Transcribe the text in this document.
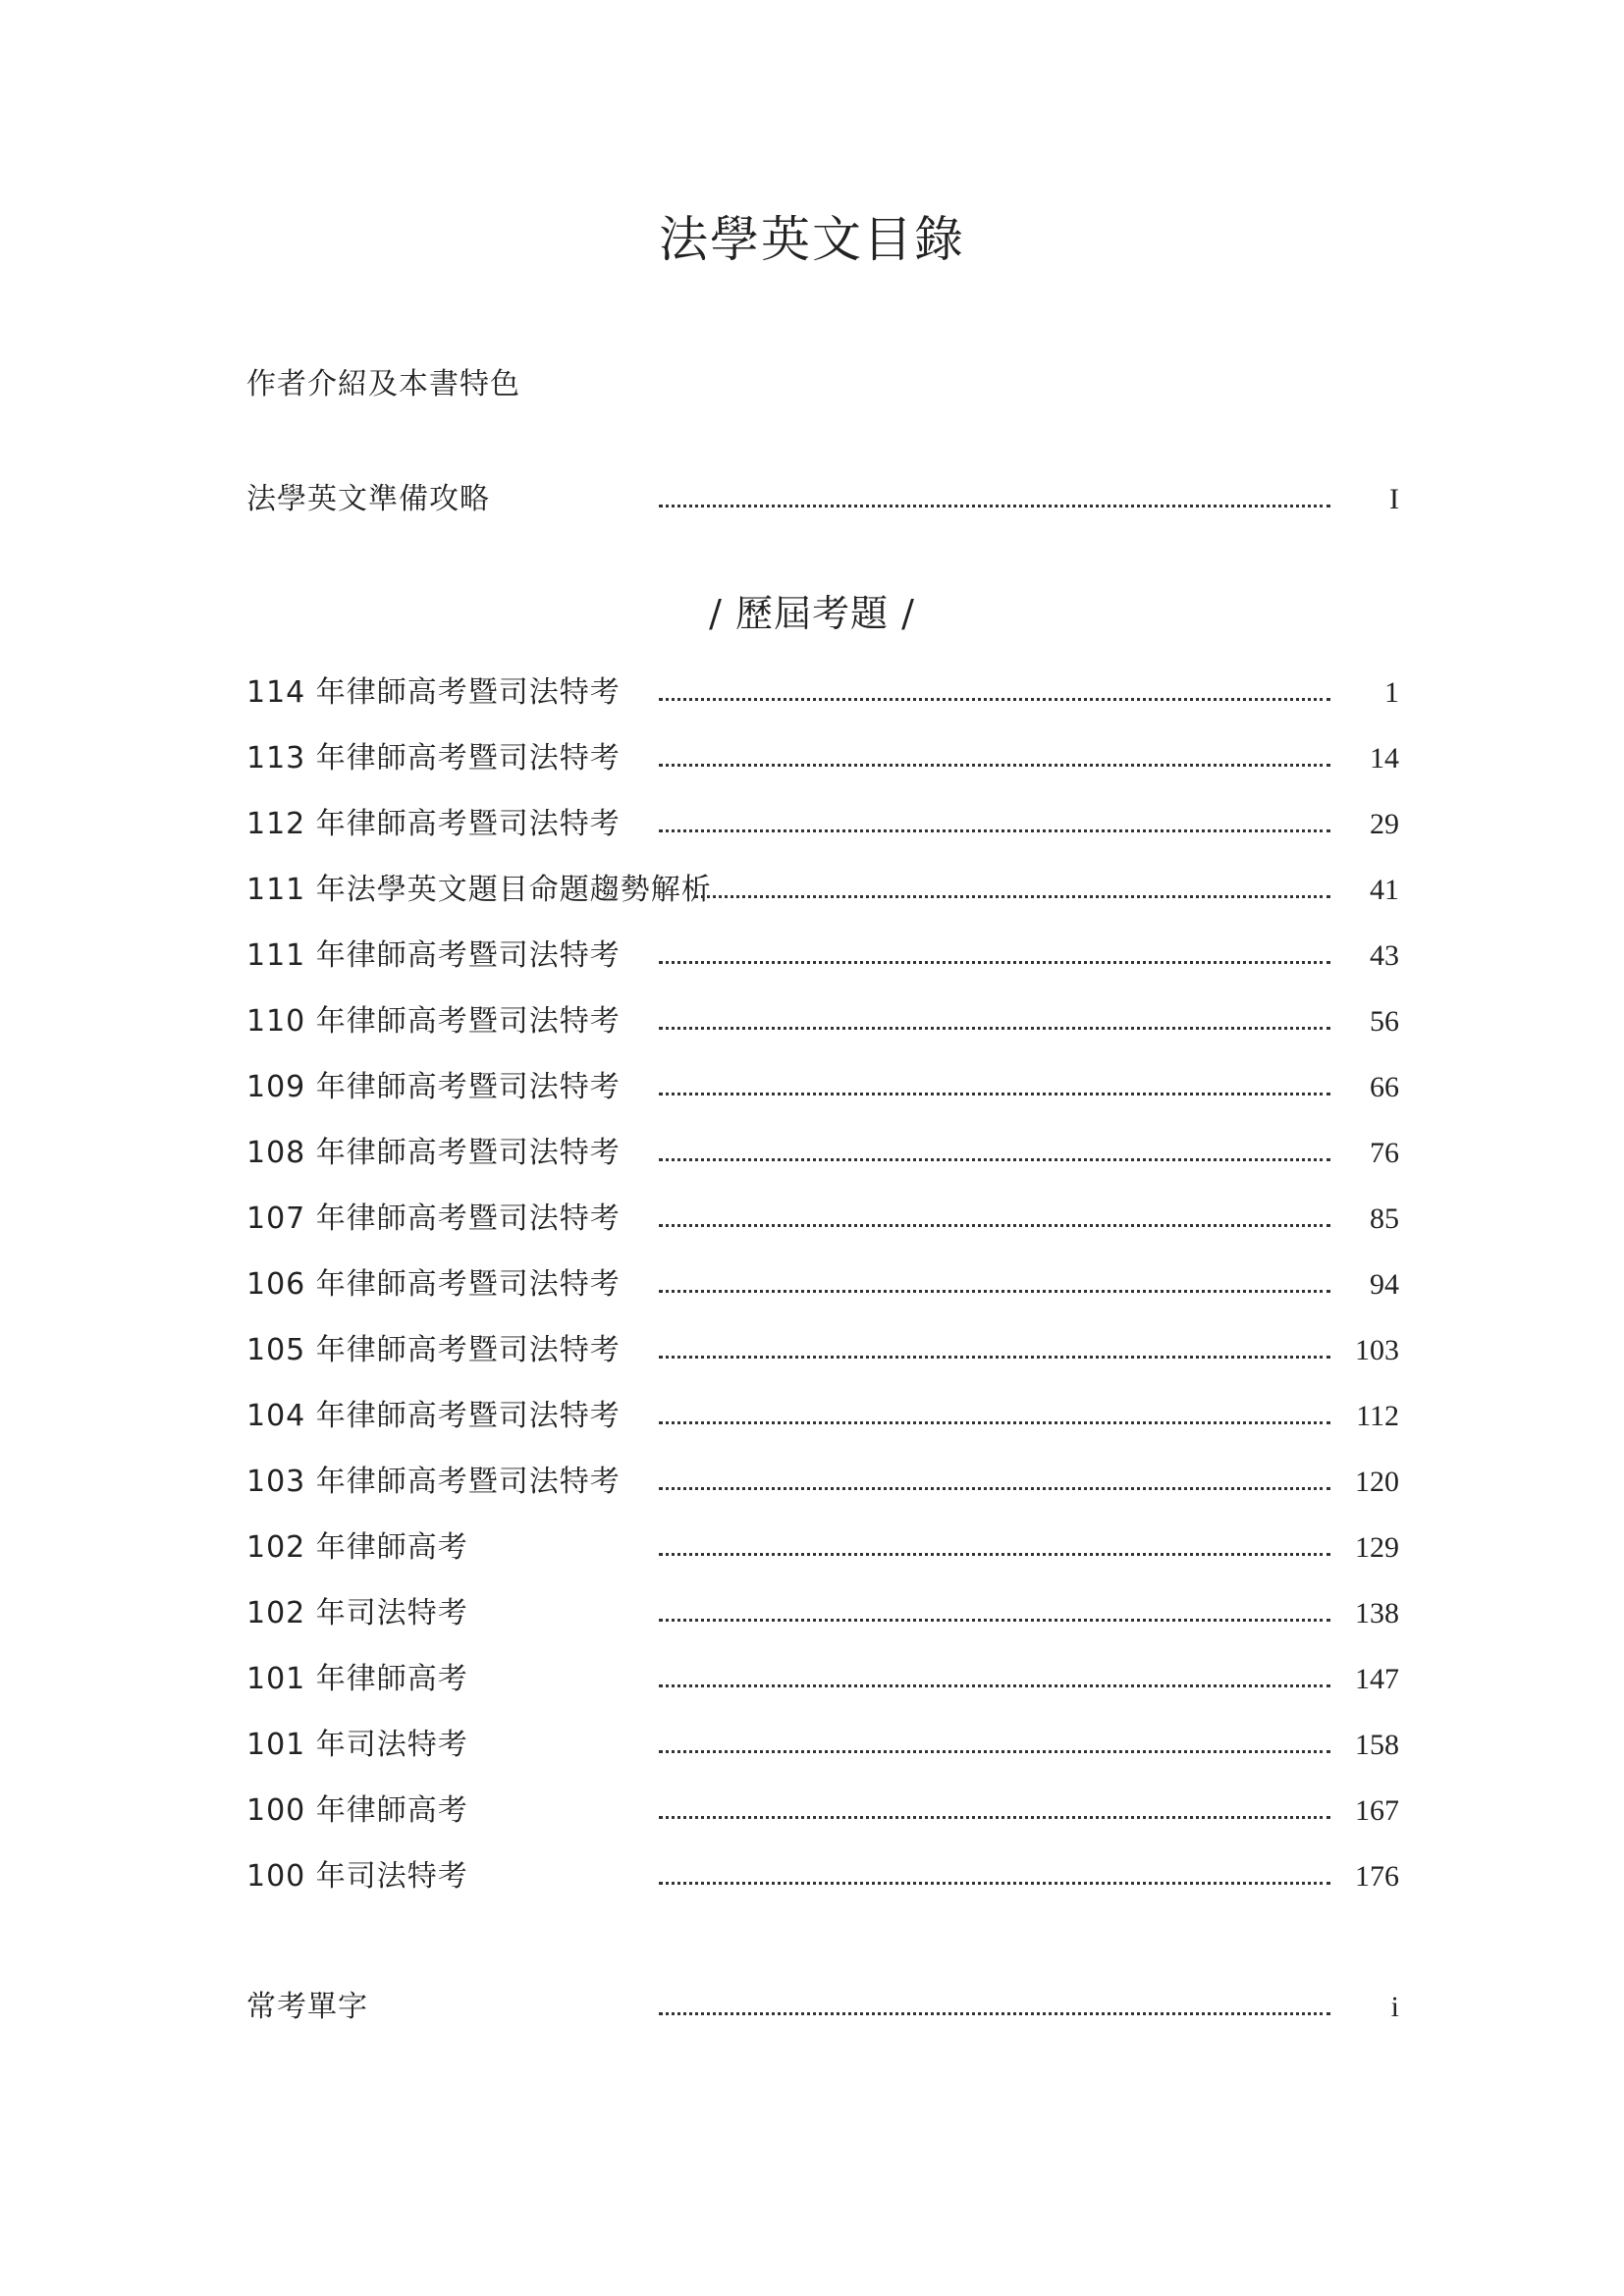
法學英文目錄
作者介紹及本書特色
法學英文準備攻略	I
/ 歷屆考題 /
114 年律師高考暨司法特考	1
113 年律師高考暨司法特考	14
112 年律師高考暨司法特考	29
111 年法學英文題目命題趨勢解析	41
111 年律師高考暨司法特考	43
110 年律師高考暨司法特考	56
109 年律師高考暨司法特考	66
108 年律師高考暨司法特考	76
107 年律師高考暨司法特考	85
106 年律師高考暨司法特考	94
105 年律師高考暨司法特考	103
104 年律師高考暨司法特考	112
103 年律師高考暨司法特考	120
102 年律師高考	129
102 年司法特考	138
101 年律師高考	147
101 年司法特考	158
100 年律師高考	167
100 年司法特考	176
常考單字	i
